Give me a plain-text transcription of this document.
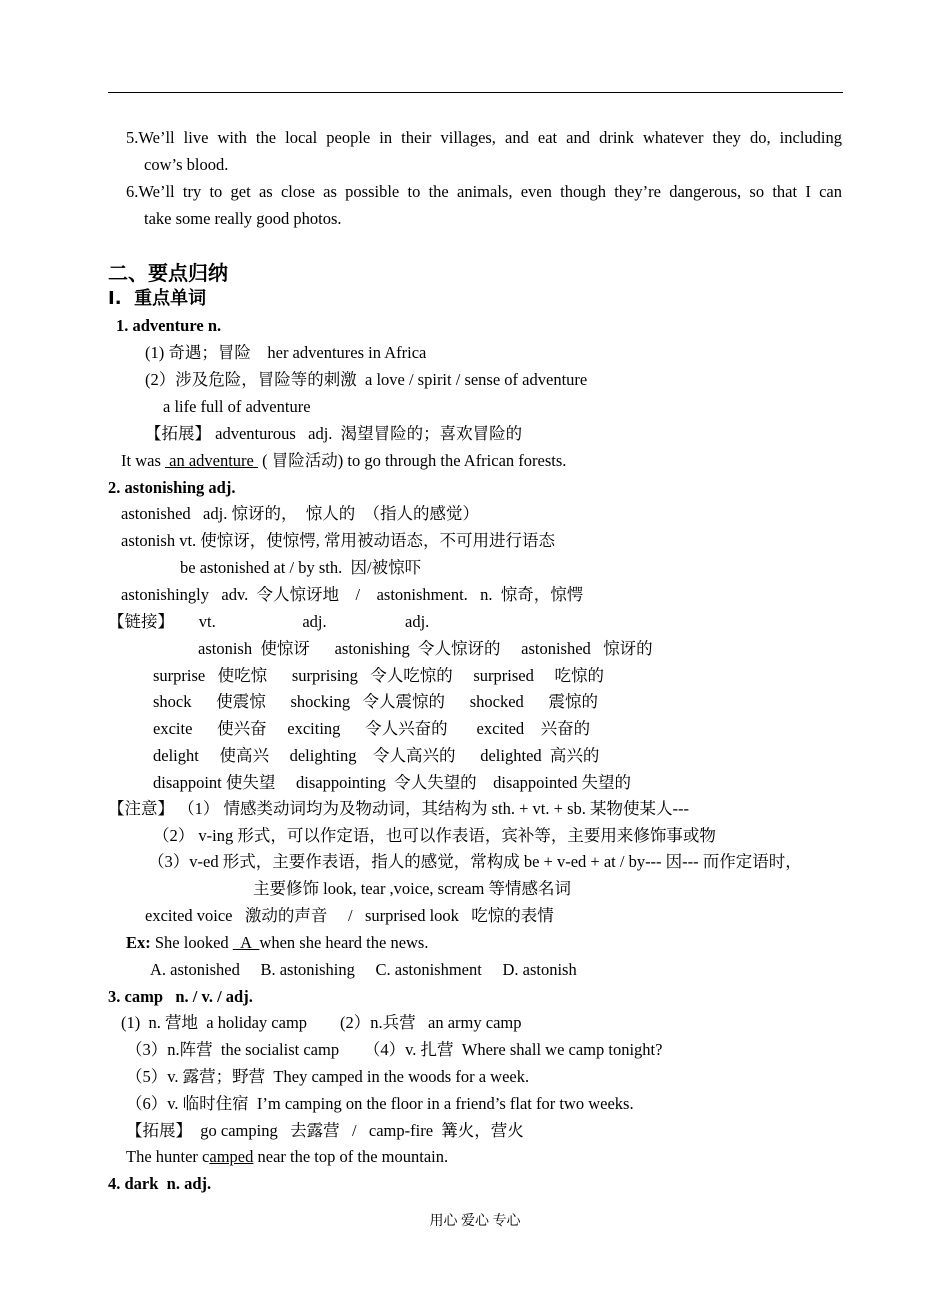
5.We’ll live with the local people in their villages, and eat and drink whatever they do, including
cow’s blood.
6.We’ll try to get as close as possible to the animals, even though they’re dangerous, so that I can
take some really good photos.
二、要点归纳
I.  重点单词
1. adventure n.
(1) 奇遇；冒险    her adventures in Africa
(2）涉及危险，冒险等的刺激  a love / spirit / sense of adventure
a life full of adventure
【拓展】 adventurous   adj.  渴望冒险的；喜欢冒险的
It was  an adventure  ( 冒险活动) to go through the African forests.
2. astonishing adj.
astonished   adj. 惊讶的，  惊人的  （指人的感觉）
astonish vt. 使惊讶，使惊愕, 常用被动语态，不可用进行语态
be astonished at / by sth.  因/被惊吓
astonishingly   adv.  令人惊讶地    /    astonishment.   n.  惊奇，惊愕
【链接】      vt.                     adj.                   adj.
astonish  使惊讶      astonishing  令人惊讶的     astonished   惊讶的
surprise   使吃惊      surprising   令人吃惊的     surprised     吃惊的
shock      使震惊      shocking   令人震惊的      shocked      震惊的
excite      使兴奋     exciting      令人兴奋的       excited    兴奋的
delight     使高兴     delighting    令人高兴的      delighted  高兴的
disappoint 使失望     disappointing  令人失望的    disappointed 失望的
【注意】 （1） 情感类动词均为及物动词，其结构为 sth. + vt. + sb. 某物使某人---
（2） v-ing 形式，可以作定语，也可以作表语，宾补等，主要用来修饰事或物
（3）v-ed 形式，主要作表语，指人的感觉，常构成 be + v-ed + at / by--- 因--- 而作定语时，
主要修饰 look, tear ,voice, scream 等情感名词
excited voice   激动的声音     /   surprised look   吃惊的表情
Ex: She looked   A  when she heard the news.
A. astonished     B. astonishing     C. astonishment     D. astonish
3. camp   n. / v. / adj.
(1)  n. 营地  a holiday camp        (2）n.兵营   an army camp
（3）n.阵营  the socialist camp      （4）v. 扎营  Where shall we camp tonight?
（5）v. 露营；野营  They camped in the woods for a week.
（6）v. 临时住宿  I’m camping on the floor in a friend’s flat for two weeks.
【拓展】  go camping   去露营   /   camp-fire  篝火，营火
The hunter camped near the top of the mountain.
4. dark  n. adj.
用心 爱心 专心
